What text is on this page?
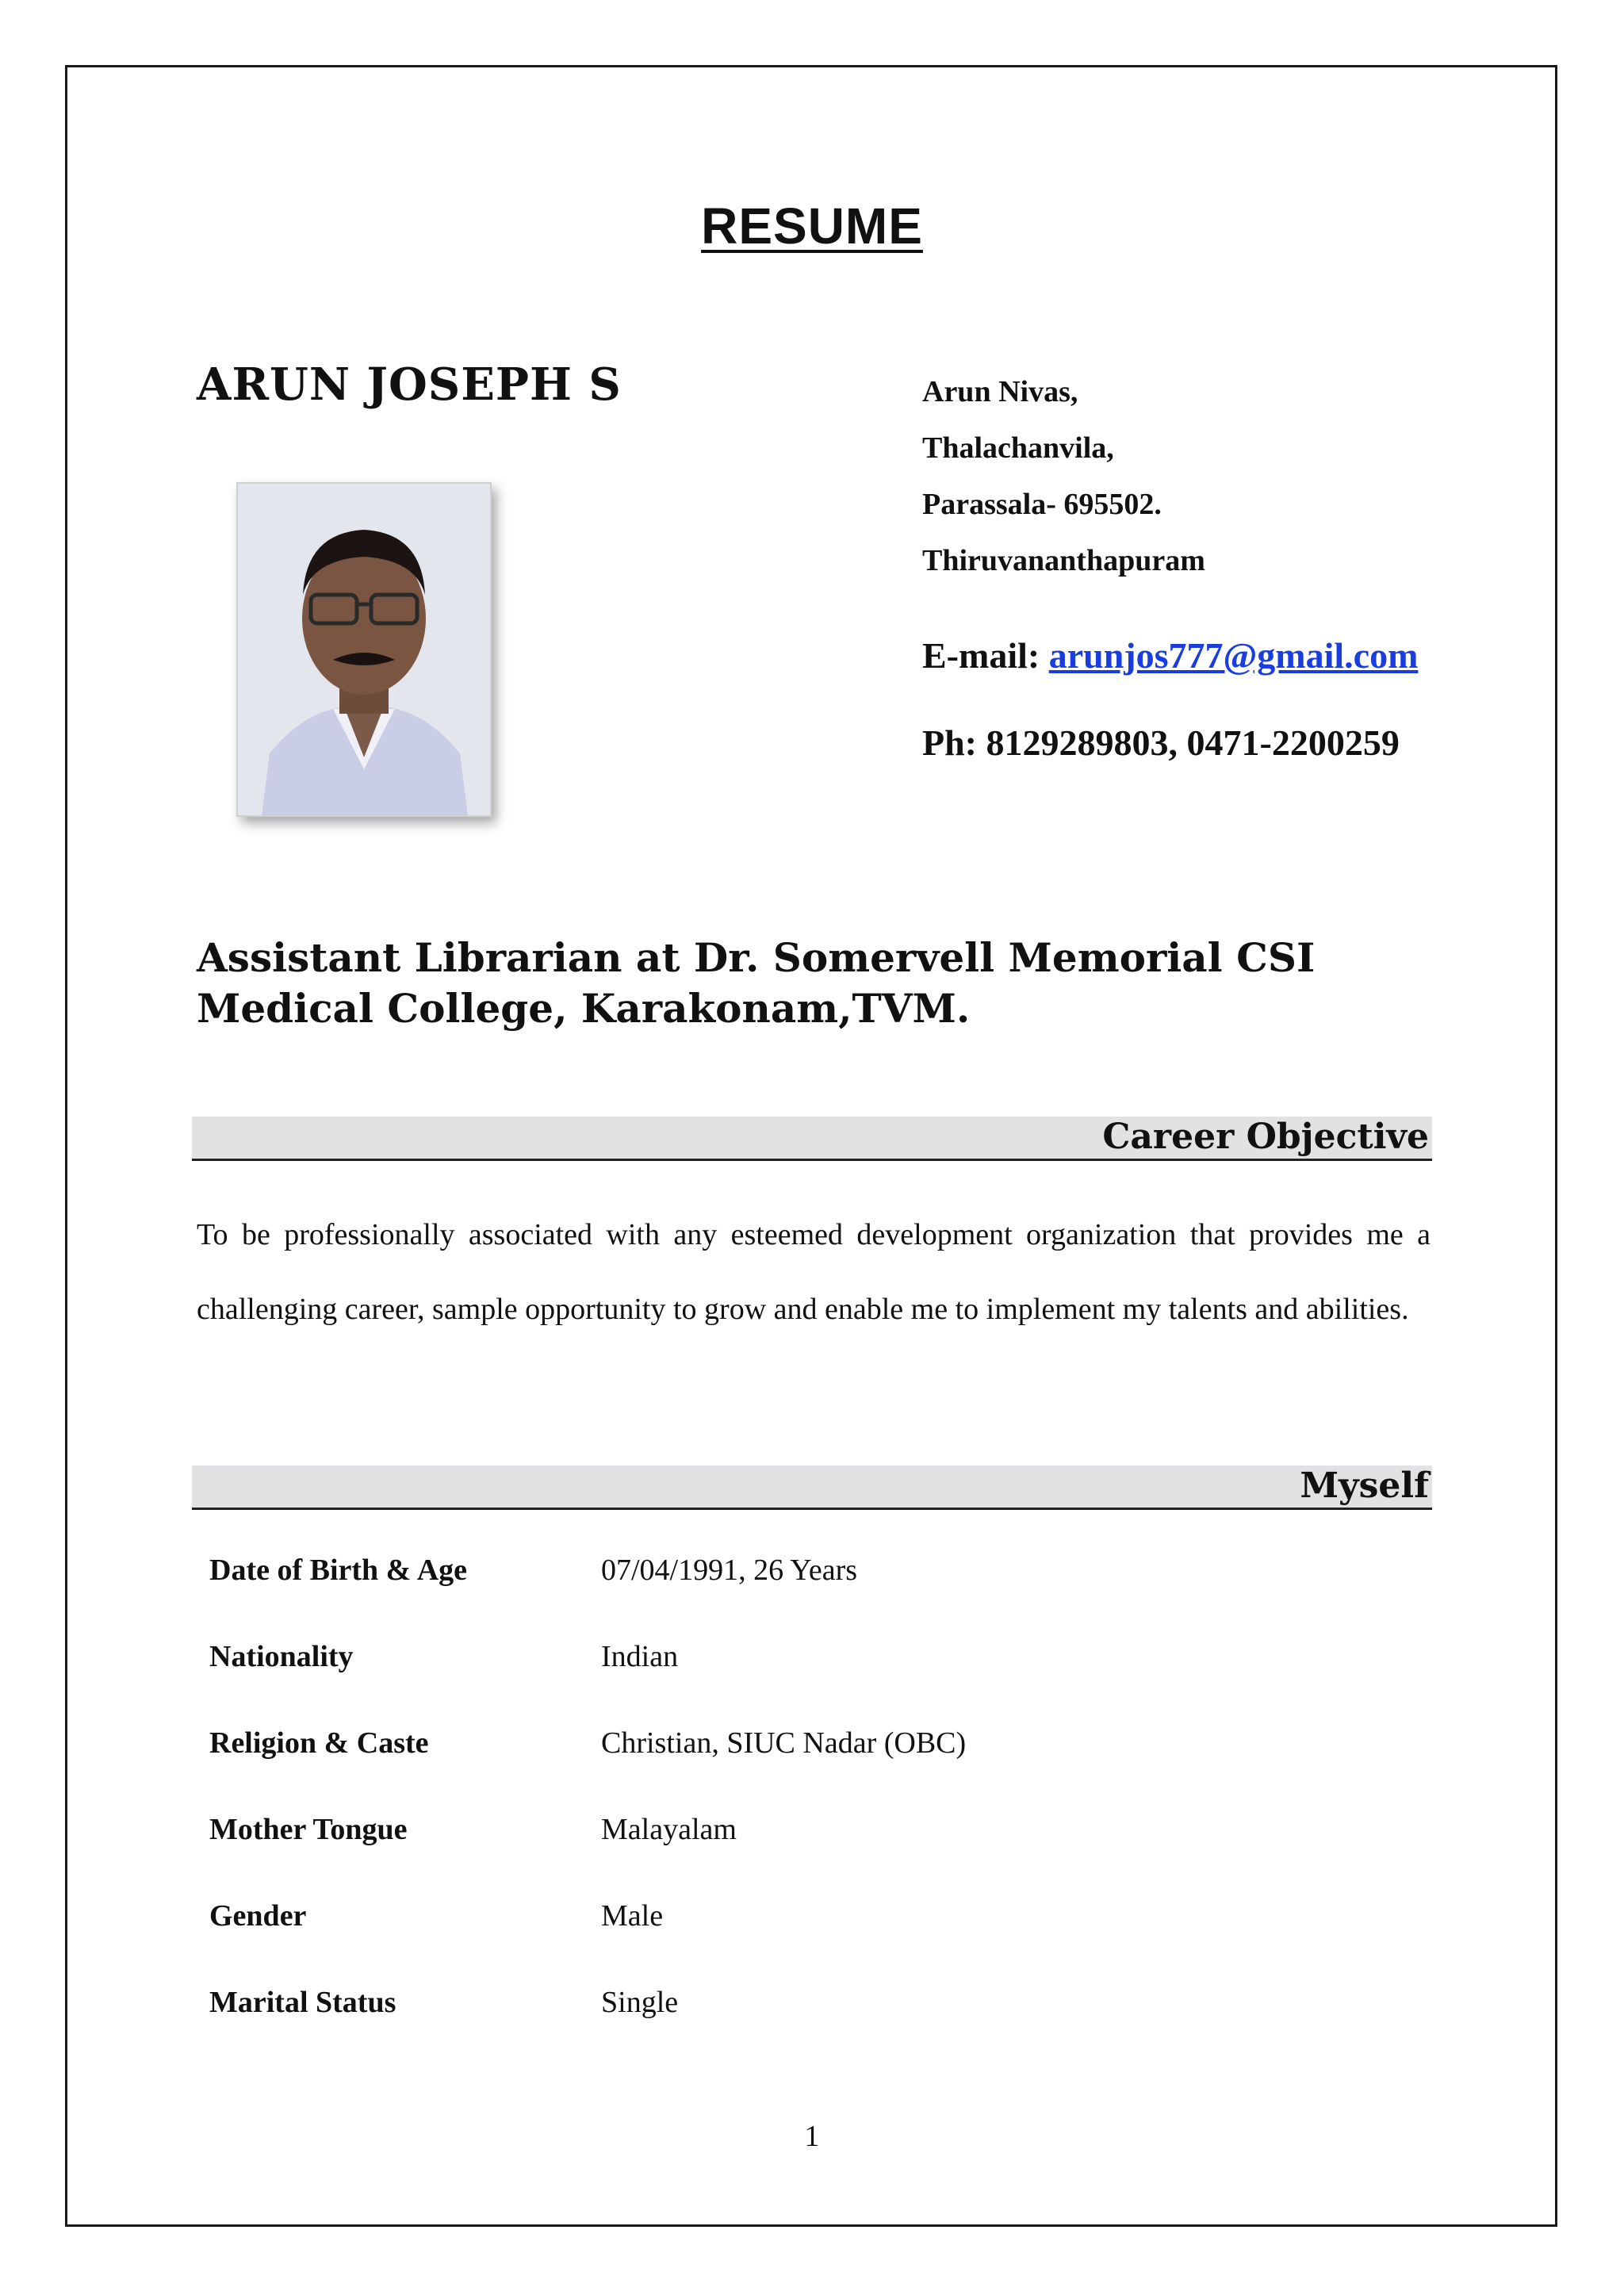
RESUME
ARUN JOSEPH S	Arun Nivas,
Thalachanvila,
Parassala- 695502.
Thiruvananthapuram
E-mail: arunjos777@gmail.com
Ph: 8129289803, 0471-2200259
Assistant Librarian at Dr. Somervell Memorial CSI Medical College, Karakonam,TVM.
Career Objective
To be professionally associated with any esteemed development organization that provides me a challenging career, sample opportunity to grow and enable me to implement my talents and abilities.
Myself
Date of Birth & Age	07/04/1991, 26 Years
Nationality	Indian
Religion & Caste	Christian, SIUC Nadar (OBC)
Mother Tongue	Malayalam
Gender	Male
Marital Status	Single
1
